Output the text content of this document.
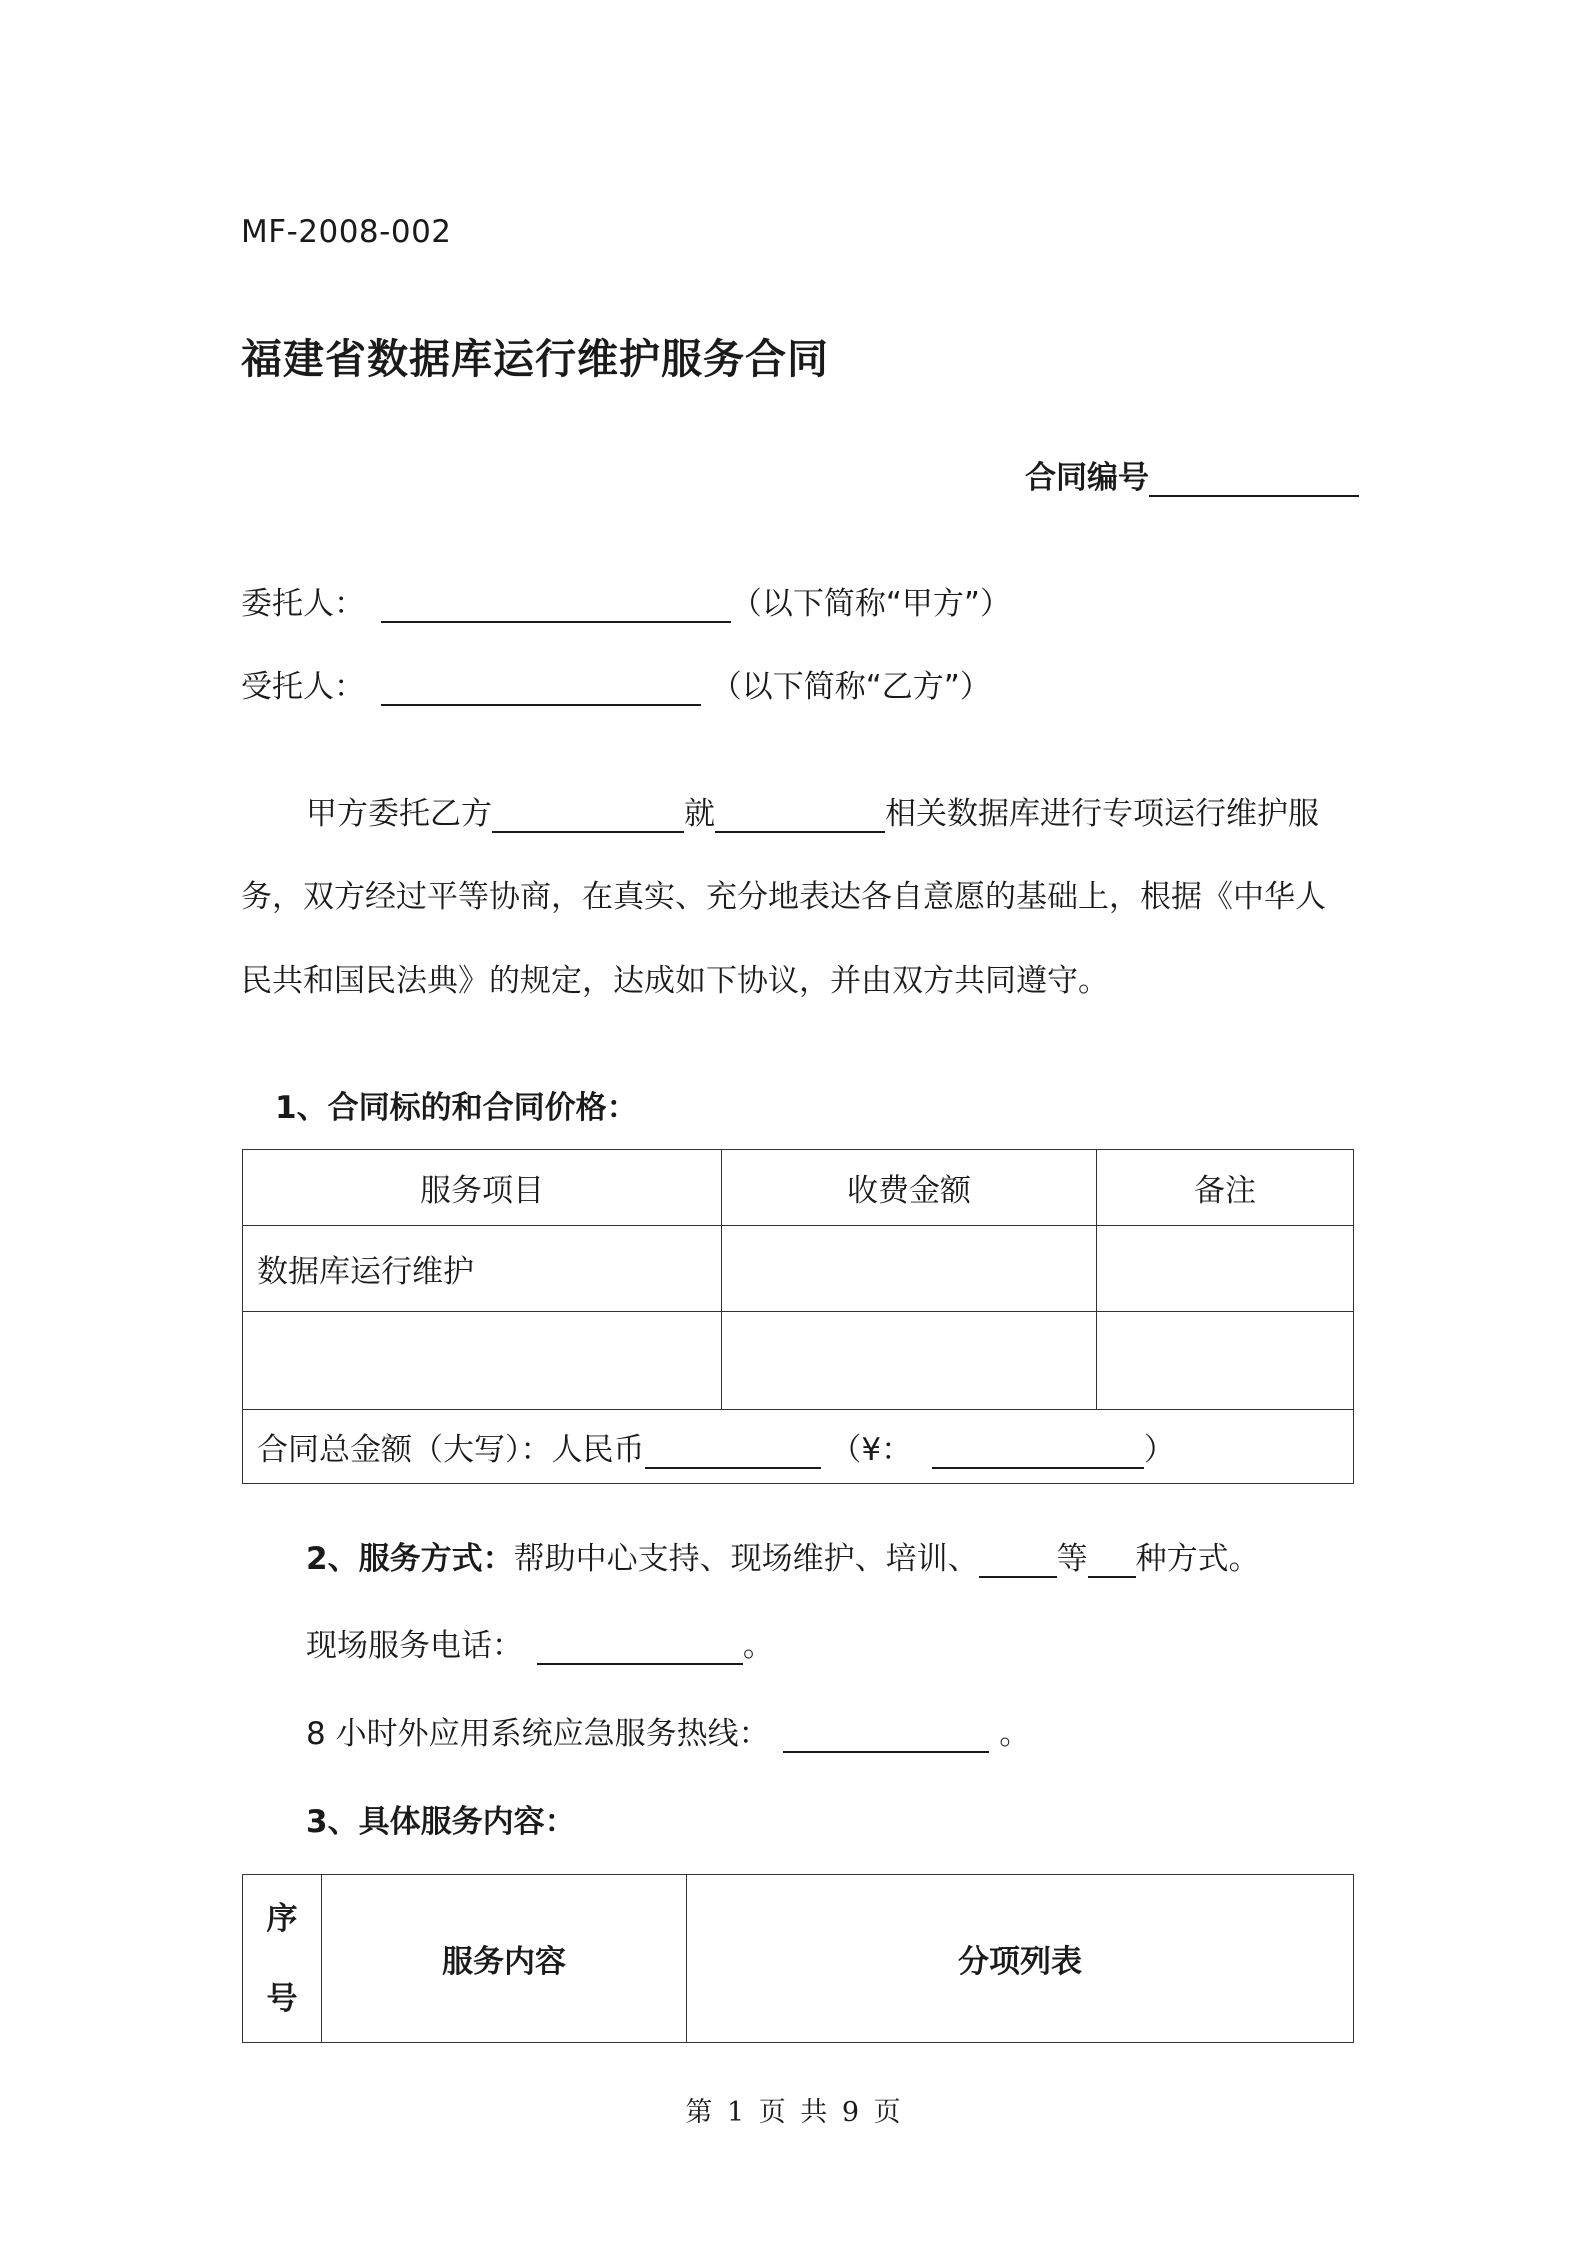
MF-2008-002
福建省数据库运行维护服务合同
合同编号
委托人：	（以下简称“甲方”）
受托人：	（以下简称“乙方”）
甲方委托乙方	就	相关数据库进行专项运行维护服
务，双方经过平等协商，在真实、充分地表达各自意愿的基础上，根据《中华人
民共和国民法典》的规定，达成如下协议，并由双方共同遵守。
1、合同标的和合同价格：
服务项目	收费金额	备注
数据库运行维护		

合同总金额（大写）：人民币 （¥： ）		
2、服务方式：帮助中心支持、现场维护、培训、	等 种方式。
现场服务电话：	。
8 小时外应用系统应急服务热线：	。
3、具体服务内容：
序
号
	服务内容	分项列表
第 1 页 共 9 页
